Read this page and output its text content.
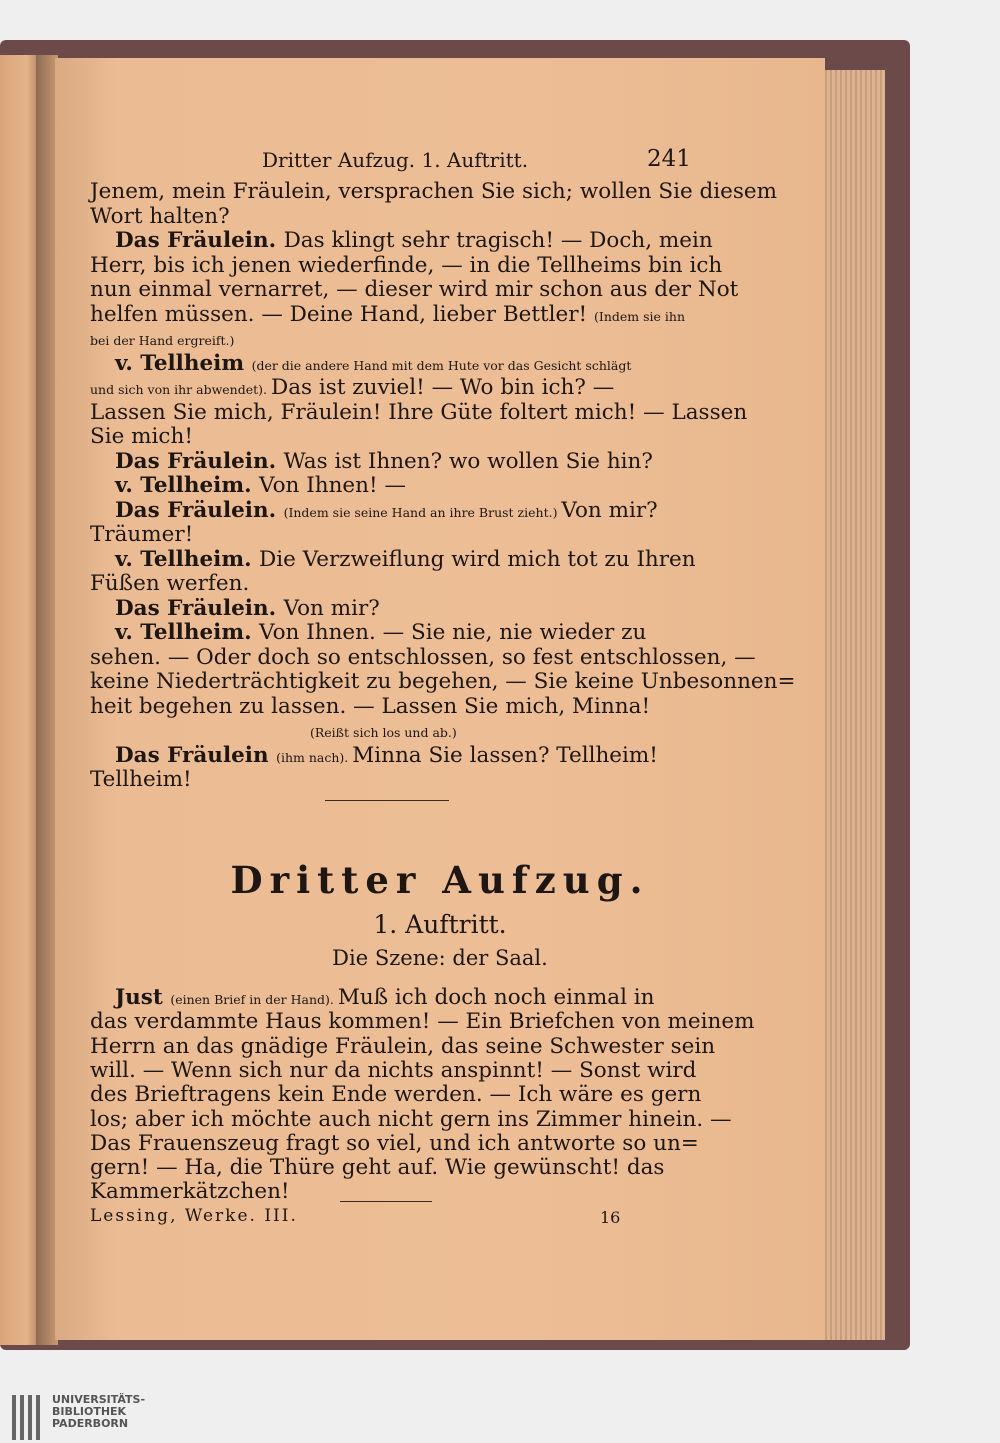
Dritter Aufzug. 1. Auftritt.	241
Jenem, mein Fräulein, versprachen Sie sich; wollen Sie diesem
Wort halten?
Das Fräulein. Das klingt sehr tragisch! — Doch, mein
Herr, bis ich jenen wiederfinde, — in die Tellheims bin ich
nun einmal vernarret, — dieser wird mir schon aus der Not
helfen müssen. — Deine Hand, lieber Bettler! (Indem sie ihn
bei der Hand ergreift.)
v. Tellheim (der die andere Hand mit dem Hute vor das Gesicht schlägt
und sich von ihr abwendet). Das ist zuviel! — Wo bin ich? —
Lassen Sie mich, Fräulein! Ihre Güte foltert mich! — Lassen
Sie mich!
Das Fräulein. Was ist Ihnen? wo wollen Sie hin?
v. Tellheim. Von Ihnen! —
Das Fräulein. (Indem sie seine Hand an ihre Brust zieht.) Von mir?
Träumer!
v. Tellheim. Die Verzweiflung wird mich tot zu Ihren
Füßen werfen.
Das Fräulein. Von mir?
v. Tellheim. Von Ihnen. — Sie nie, nie wieder zu
sehen. — Oder doch so entschlossen, so fest entschlossen, —
keine Niederträchtigkeit zu begehen, — Sie keine Unbesonnen=
heit begehen zu lassen. — Lassen Sie mich, Minna!
(Reißt sich los und ab.)
Das Fräulein (ihm nach). Minna Sie lassen? Tellheim!
Tellheim!
Dritter Aufzug.
1. Auftritt.
Die Szene: der Saal.
Just (einen Brief in der Hand). Muß ich doch noch einmal in
das verdammte Haus kommen! — Ein Briefchen von meinem
Herrn an das gnädige Fräulein, das seine Schwester sein
will. — Wenn sich nur da nichts anspinnt! — Sonst wird
des Brieftragens kein Ende werden. — Ich wäre es gern
los; aber ich möchte auch nicht gern ins Zimmer hinein. —
Das Frauenszeug fragt so viel, und ich antworte so un=
gern! — Ha, die Thüre geht auf. Wie gewünscht! das
Kammerkätzchen!
Lessing, Werke. III.	16
UNIVERSITÄTS-
BIBLIOTHEK
PADERBORN
